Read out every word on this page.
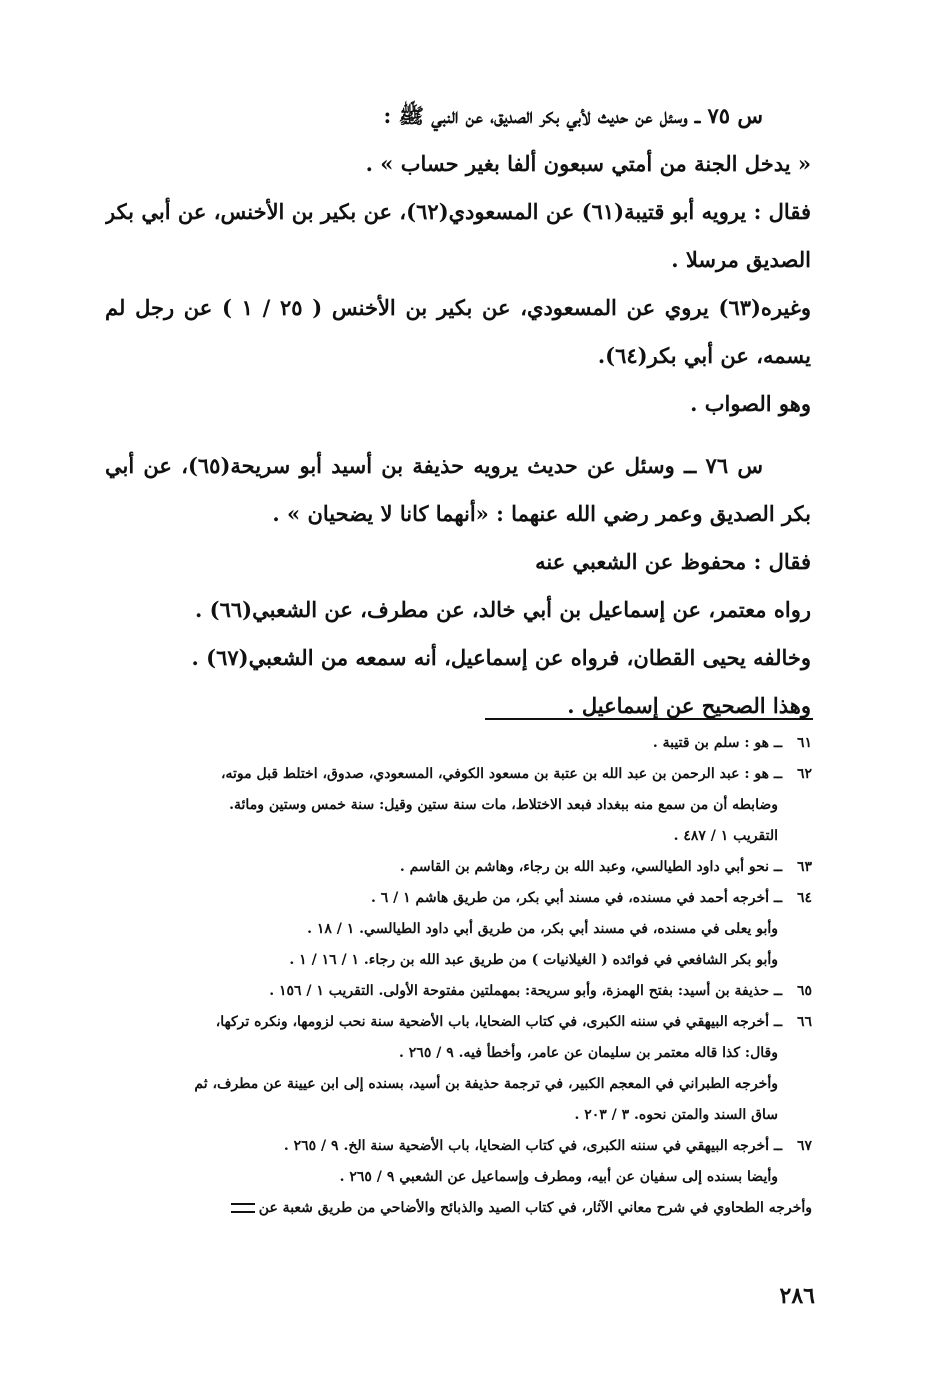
س ٧٥ ــ وسئل عن حديث لأبي بكر الصديق، عن النبي ﷺ :
« يدخل الجنة من أمتي سبعون ألفا بغير حساب » .
فقال : يرويه أبو قتيبة(٦١) عن المسعودي(٦٢)، عن بكير بن الأخنس، عن أبي بكر
الصديق مرسلا .
وغيره(٦٣) يروي عن المسعودي، عن بكير بن الأخنس ( ٢٥ / ١ ) عن رجل لم
يسمه، عن أبي بكر(٦٤).
وهو الصواب .
س ٧٦ ــ وسئل عن حديث يرويه حذيفة بن أسيد أبو سريحة(٦٥)، عن أبي
بكر الصديق وعمر رضي الله عنهما : «أنهما كانا لا يضحيان » .
فقال : محفوظ عن الشعبي عنه
رواه معتمر، عن إسماعيل بن أبي خالد، عن مطرف، عن الشعبي(٦٦) .
وخالفه يحيى القطان، فرواه عن إسماعيل، أنه سمعه من الشعبي(٦٧) .
وهذا الصحيح عن إسماعيل .
٦١ ــ هو : سلم بن قتيبة .
٦٢ ــ هو : عبد الرحمن بن عبد الله بن عتبة بن مسعود الكوفي، المسعودي، صدوق، اختلط قبل موته،
وضابطه أن من سمع منه ببغداد فبعد الاختلاط، مات سنة ستين وقيل: سنة خمس وستين ومائة.
التقريب ١ / ٤٨٧ .
٦٣ ــ نحو أبي داود الطيالسي، وعبد الله بن رجاء، وهاشم بن القاسم .
٦٤ ــ أخرجه أحمد في مسنده، في مسند أبي بكر، من طريق هاشم ١ / ٦ .
وأبو يعلى في مسنده، في مسند أبي بكر، من طريق أبي داود الطيالسي. ١ / ١٨ .
وأبو بكر الشافعي في فوائده ( الغيلانيات ) من طريق عبد الله بن رجاء. ١ / ١٦ / ١ .
٦٥ ــ حذيفة بن أسيد: بفتح الهمزة، وأبو سريحة: بمهملتين مفتوحة الأولى. التقريب ١ / ١٥٦ .
٦٦ ــ أخرجه البيهقي في سننه الكبرى، في كتاب الضحايا، باب الأضحية سنة نحب لزومها، ونكره تركها،
وقال: كذا قاله معتمر بن سليمان عن عامر، وأخطأ فيه. ٩ / ٢٦٥ .
وأخرجه الطبراني في المعجم الكبير، في ترجمة حذيفة بن أسيد، بسنده إلى ابن عيينة عن مطرف، ثم
ساق السند والمتن نحوه. ٣ / ٢٠٣ .
٦٧ ــ أخرجه البيهقي في سننه الكبرى، في كتاب الضحايا، باب الأضحية سنة الخ. ٩ / ٢٦٥ .
وأيضا بسنده إلى سفيان عن أبيه، ومطرف وإسماعيل عن الشعبي ٩ / ٢٦٥ .
وأخرجه الطحاوي في شرح معاني الآثار، في كتاب الصيد والذبائح والأضاحي من طريق شعبة عن
٢٨٦
